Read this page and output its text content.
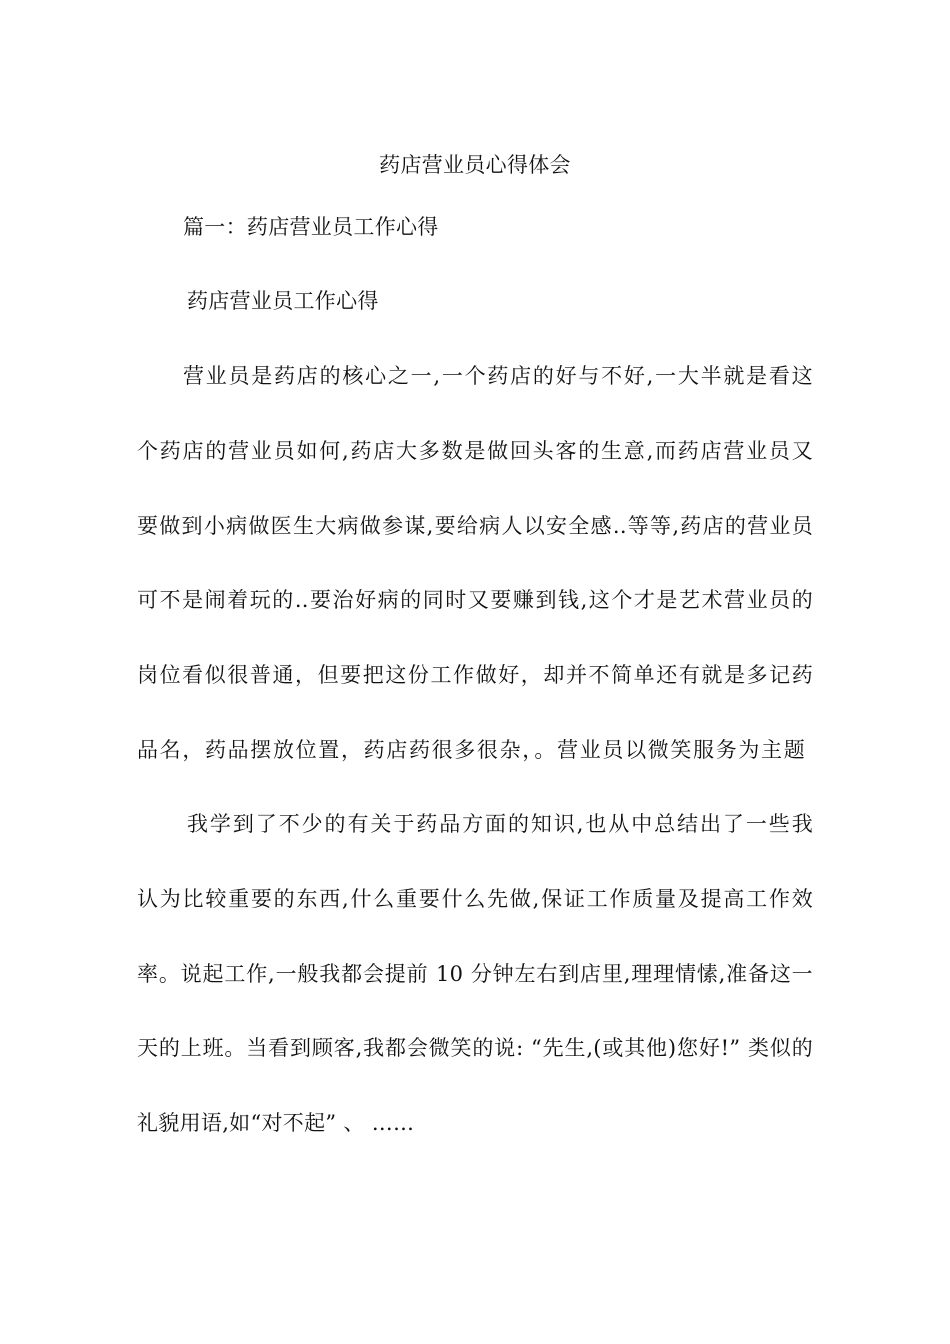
药店营业员心得体会
篇一：药店营业员工作心得
药店营业员工作心得
营业员是药店的核心之一,一个药店的好与不好,一大半就是看这
个药店的营业员如何,药店大多数是做回头客的生意,而药店营业员又
要做到小病做医生大病做参谋,要给病人以安全感..等等,药店的营业员
可不是闹着玩的..要治好病的同时又要赚到钱,这个才是艺术营业员的
岗位看似很普通，但要把这份工作做好，却并不简单还有就是多记药
品名，药品摆放位置，药店药很多很杂，。营业员以微笑服务为主题
我学到了不少的有关于药品方面的知识,也从中总结出了一些我
认为比较重要的东西,什么重要什么先做,保证工作质量及提高工作效
率。说起工作,一般我都会提前 10 分钟左右到店里,理理情愫,准备这一
天的上班。当看到顾客,我都会微笑的说: “先生,(或其他)您好!” 类似的
礼貌用语,如“对不起” 、 ……
